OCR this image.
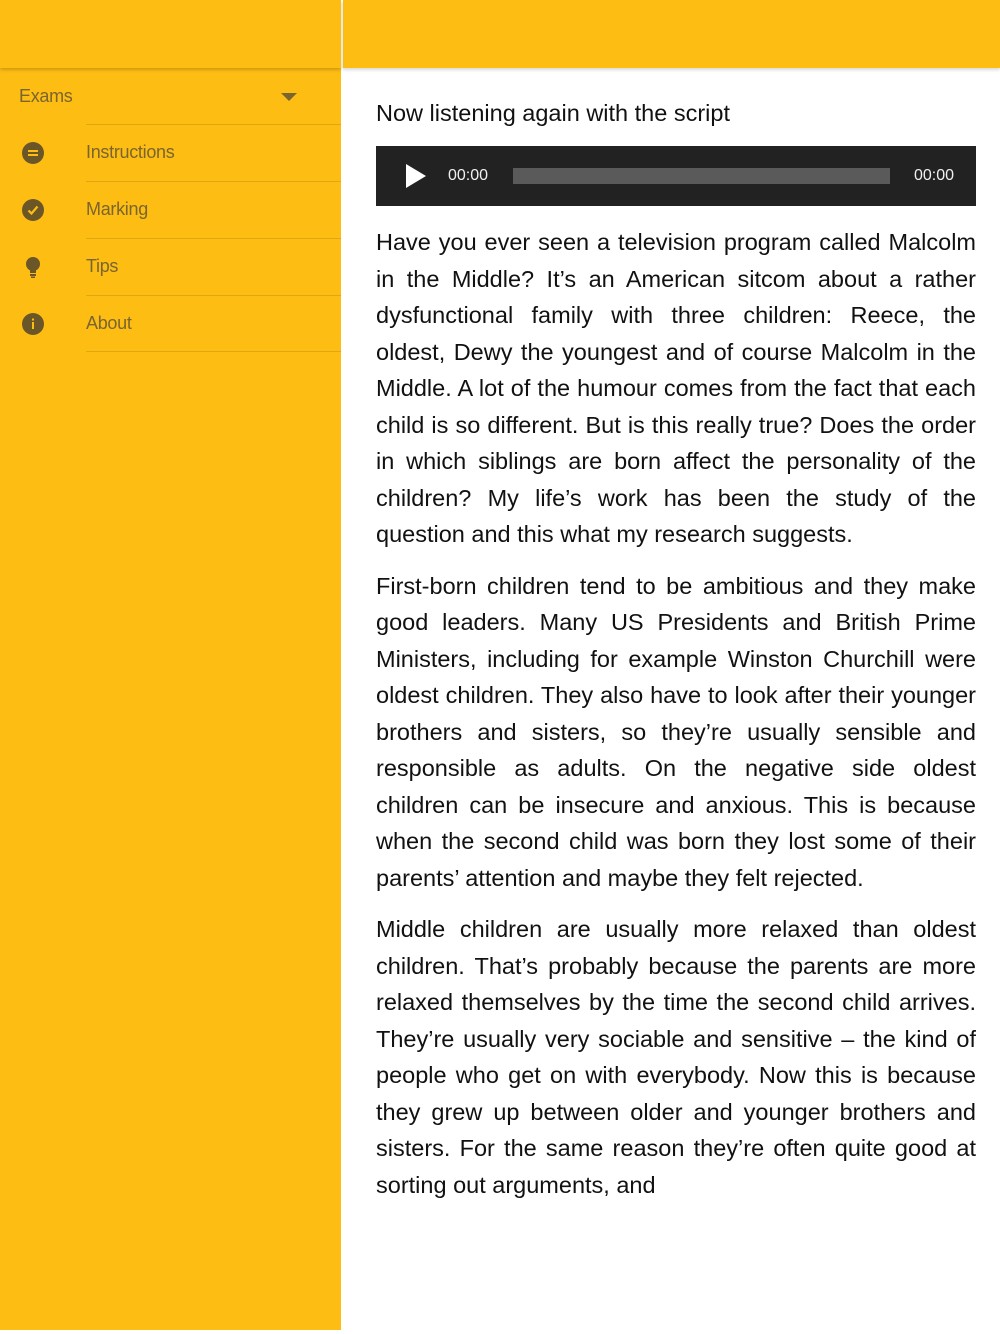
Exams
Instructions
Marking
Tips
About
Now listening again with the script
00:00	00:00

Have you ever seen a television program called Malcolm in the Middle? It’s an American sitcom about a rather dysfunctional family with three children: Reece, the oldest, Dewy the youngest and of course Malcolm in the Middle. A lot of the humour comes from the fact that each child is so different. But is this really true? Does the order in which siblings are born affect the personality of the children? My life’s work has been the study of the question and this what my research suggests.

First-born children tend to be ambitious and they make good leaders. Many US Presidents and British Prime Ministers, including for example Winston Churchill were oldest children. They also have to look after their younger brothers and sisters, so they’re usually sensible and responsible as adults. On the negative side oldest children can be insecure and anxious. This is because when the second child was born they lost some of their parents’ attention and maybe they felt rejected.

Middle children are usually more relaxed than oldest children. That’s probably because the parents are more relaxed themselves by the time the second child arrives. They’re usually very sociable and sensitive – the kind of people who get on with everybody. Now this is because they grew up between older and younger brothers and sisters. For the same reason they’re often quite good at sorting out arguments, and
